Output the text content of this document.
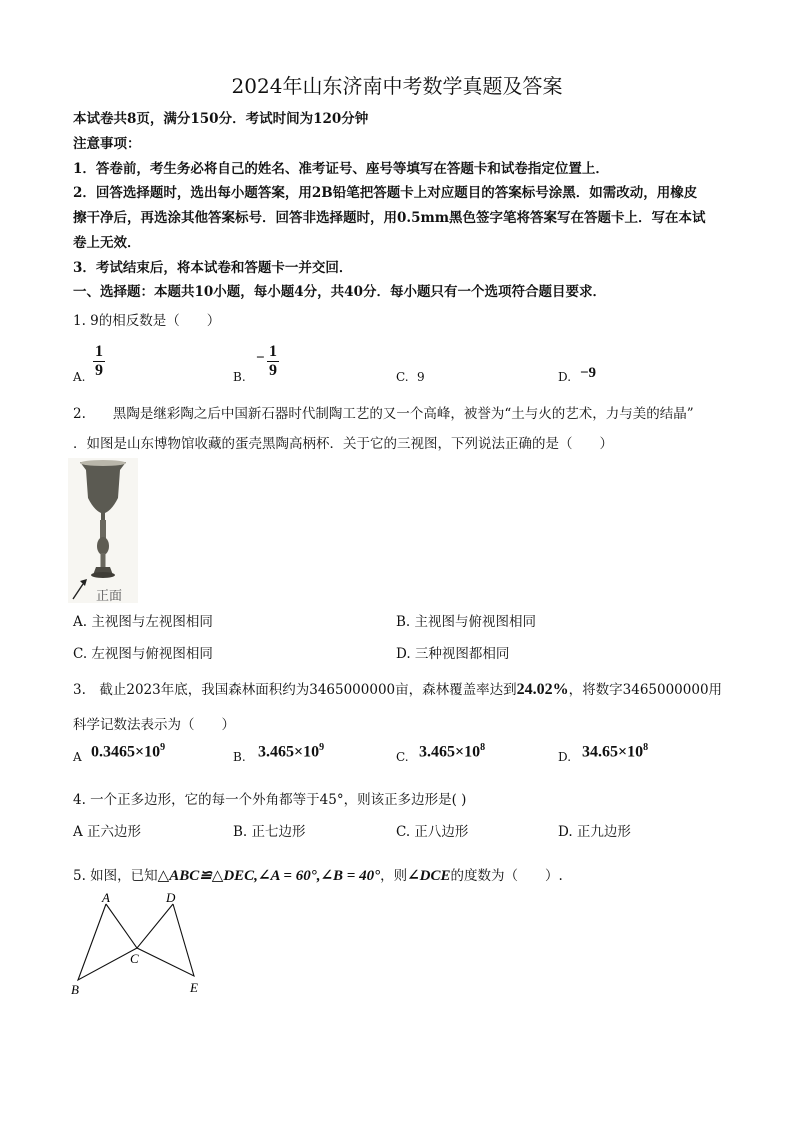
2024年山东济南中考数学真题及答案
本试卷共8页，满分150分．考试时间为120分钟
注意事项：
1．答卷前，考生务必将自己的姓名、准考证号、座号等填写在答题卡和试卷指定位置上．
2．回答选择题时，选出每小题答案，用2B铅笔把答题卡上对应题目的答案标号涂黑．如需改动，用橡皮
擦干净后，再选涂其他答案标号．回答非选择题时，用0.5mm黑色签字笔将答案写在答题卡上．写在本试
卷上无效．
3．考试结束后，将本试卷和答题卡一并交回．
一、选择题：本题共10小题，每小题4分，共40分．每小题只有一个选项符合题目要求．
1. 9的相反数是（　　）
A.
1
9	B.
− 1
9	C. 9	D. −9
2.　　黑陶是继彩陶之后中国新石器时代制陶工艺的又一个高峰，被誉为“土与火的艺术，力与美的结晶”
．如图是山东博物馆收藏的蛋壳黑陶高柄杯．关于它的三视图，下列说法正确的是（　　）
正面
A. 主视图与左视图相同	B. 主视图与俯视图相同
C. 左视图与俯视图相同	D. 三种视图都相同
3.　截止2023年底，我国森林面积约为3465000000亩，森林覆盖率达到24.02%，将数字3465000000用
科学记数法表示为（　　）
A $0.3465\times 10^9$
B. $3.465\times 10^9$
C. $3.465\times 10^8$
D. $34.65\times 10^8$
4. 一个正多边形，它的每一个外角都等于45°，则该正多边形是( )
A 正六边形	B. 正七边形	C. 正八边形	D. 正九边形
5. 如图，已知△ABC≌△DEC,∠A = 60°,∠B = 40°，则∠DCE的度数为（　　）.
A	D
C
B	E
